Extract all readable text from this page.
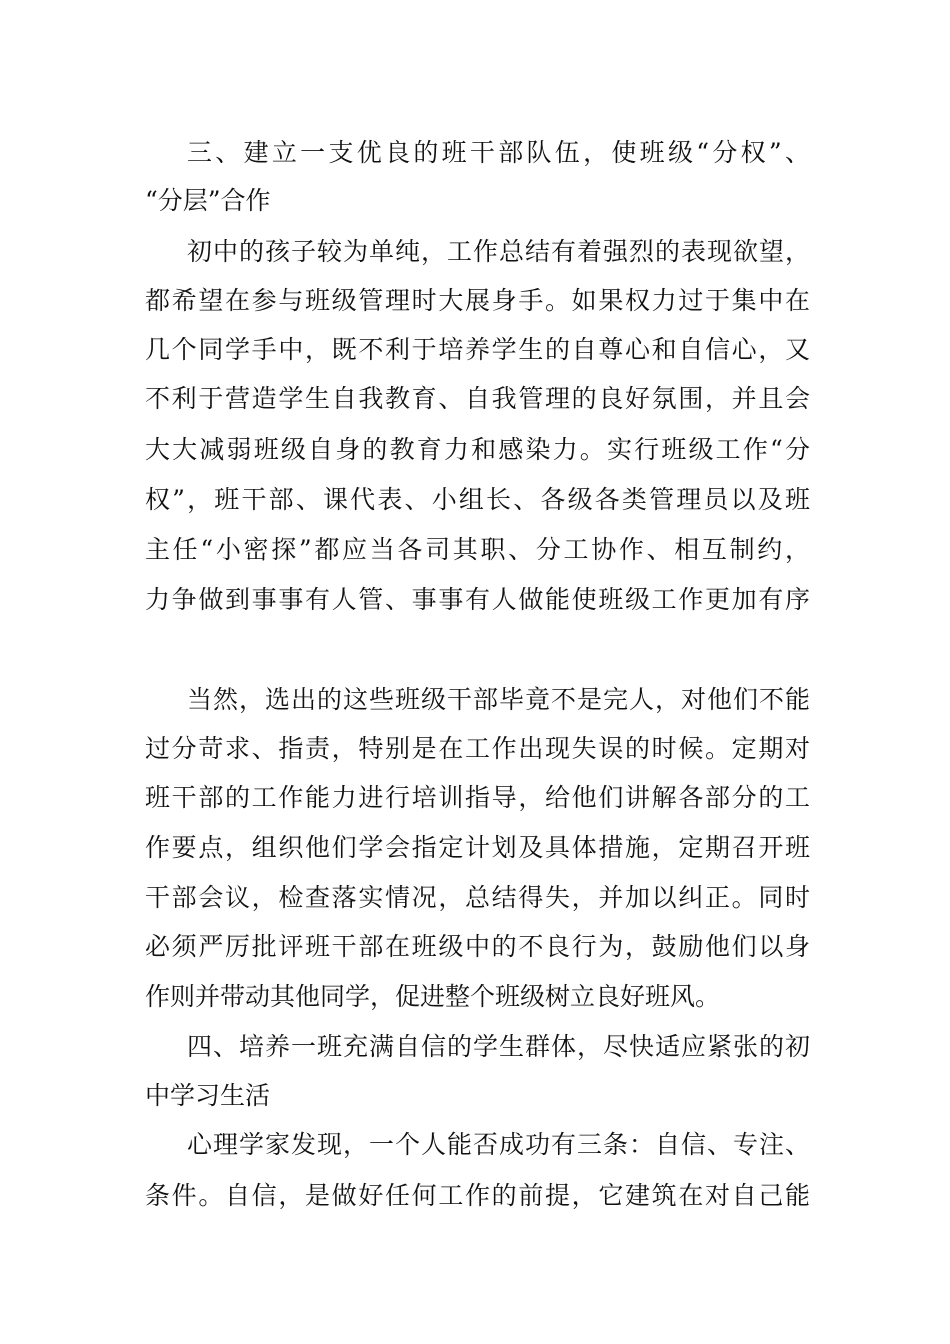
三、建立一支优良的班干部队伍，使班级“分权”、
“分层”合作
初中的孩子较为单纯，工作总结有着强烈的表现欲望，
都希望在参与班级管理时大展身手。如果权力过于集中在
几个同学手中，既不利于培养学生的自尊心和自信心，又
不利于营造学生自我教育、自我管理的良好氛围，并且会
大大减弱班级自身的教育力和感染力。实行班级工作“分
权”，班干部、课代表、小组长、各级各类管理员以及班
主任“小密探”都应当各司其职、分工协作、相互制约，
力争做到事事有人管、事事有人做能使班级工作更加有序
当然，选出的这些班级干部毕竟不是完人，对他们不能
过分苛求、指责，特别是在工作出现失误的时候。定期对
班干部的工作能力进行培训指导，给他们讲解各部分的工
作要点，组织他们学会指定计划及具体措施，定期召开班
干部会议，检查落实情况，总结得失，并加以纠正。同时
必须严厉批评班干部在班级中的不良行为，鼓励他们以身
作则并带动其他同学，促进整个班级树立良好班风。
四、培养一班充满自信的学生群体，尽快适应紧张的初
中学习生活
心理学家发现，一个人能否成功有三条：自信、专注、
条件。自信，是做好任何工作的前提，它建筑在对自己能
